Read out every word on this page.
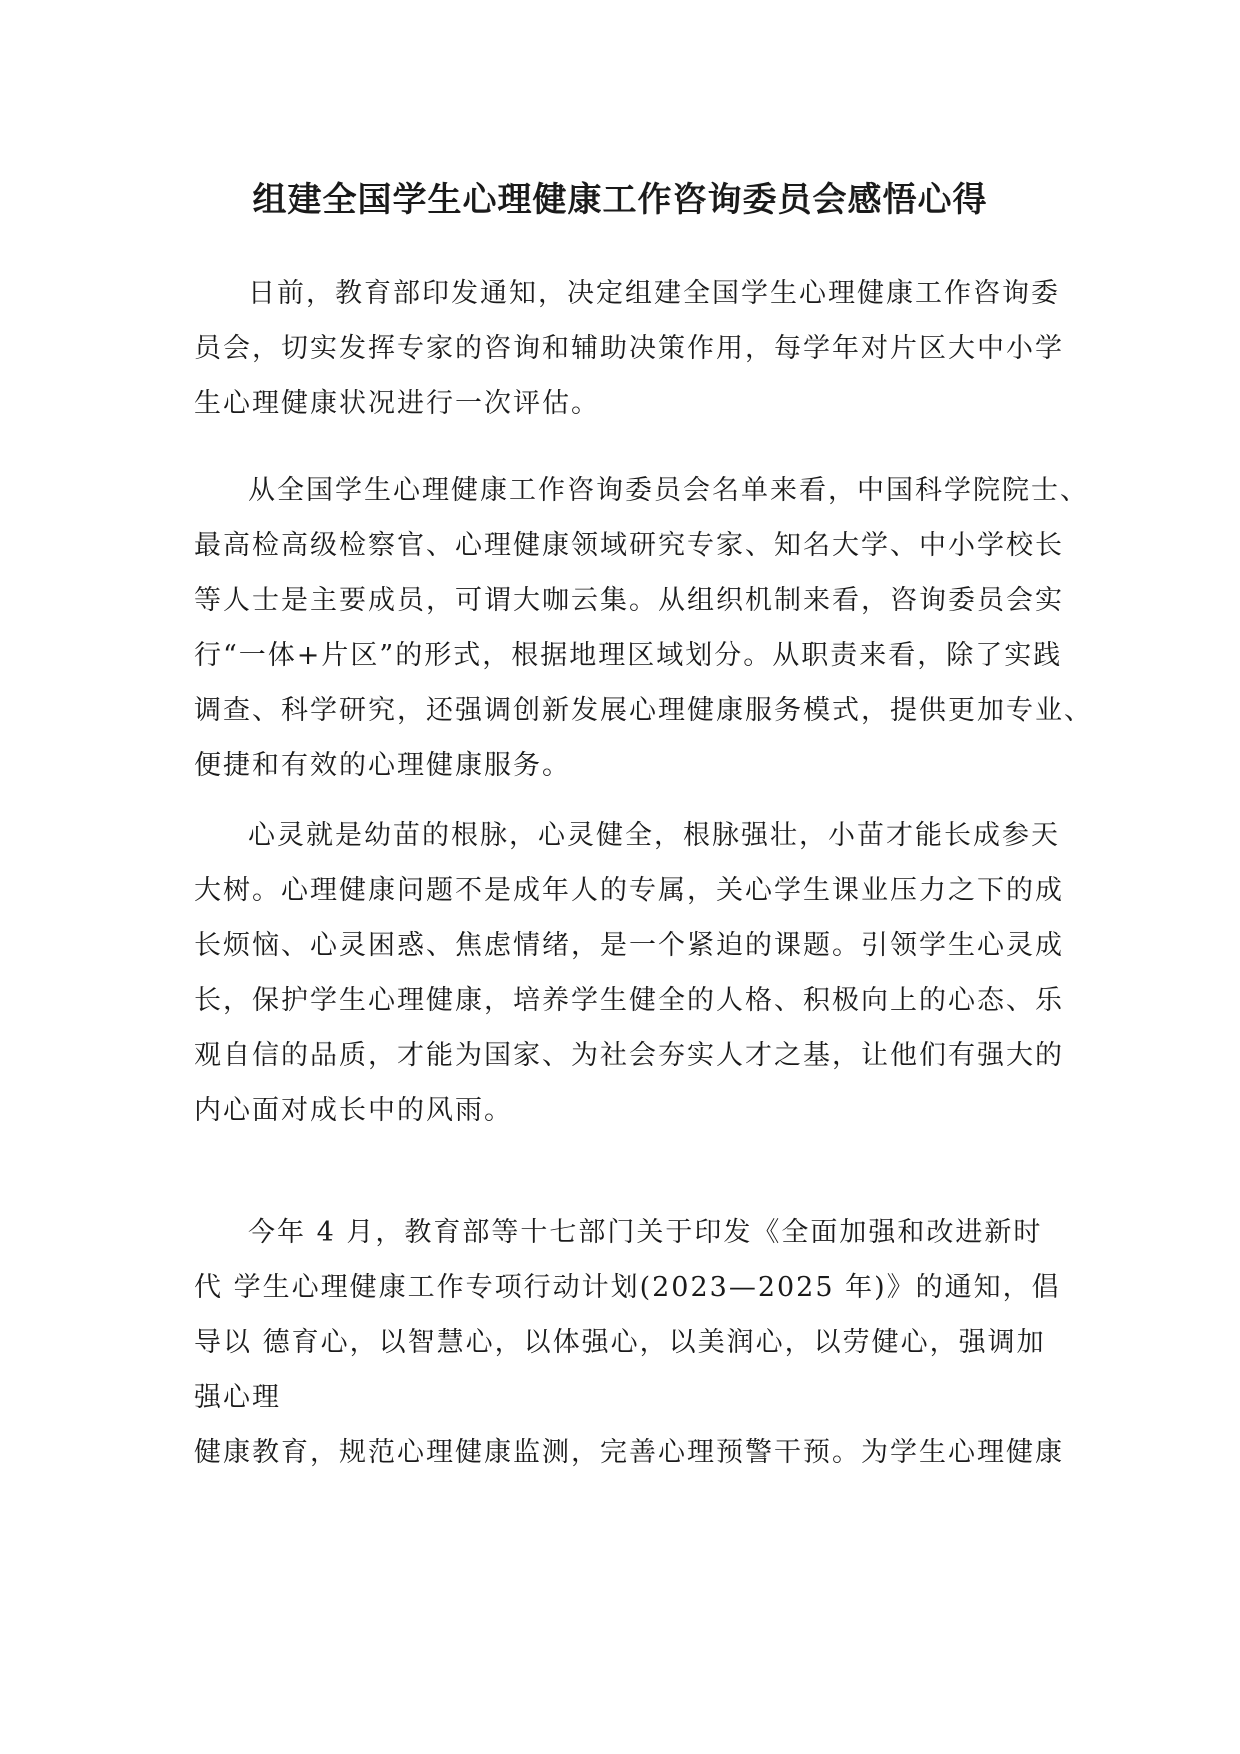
组建全国学生心理健康工作咨询委员会感悟心得
日前，教育部印发通知，决定组建全国学生心理健康工作咨询委
员会，切实发挥专家的咨询和辅助决策作用，每学年对片区大中小学
生心理健康状况进行一次评估。
从全国学生心理健康工作咨询委员会名单来看，中国科学院院士、
最高检高级检察官、心理健康领域研究专家、知名大学、中小学校长
等人士是主要成员，可谓大咖云集。从组织机制来看，咨询委员会实
行“一体+片区”的形式，根据地理区域划分。从职责来看，除了实践
调查、科学研究，还强调创新发展心理健康服务模式，提供更加专业、
便捷和有效的心理健康服务。
心灵就是幼苗的根脉，心灵健全，根脉强壮，小苗才能长成参天
大树。心理健康问题不是成年人的专属，关心学生课业压力之下的成
长烦恼、心灵困惑、焦虑情绪，是一个紧迫的课题。引领学生心灵成
长，保护学生心理健康，培养学生健全的人格、积极向上的心态、乐
观自信的品质，才能为国家、为社会夯实人才之基，让他们有强大的
内心面对成长中的风雨。
今年 4 月，教育部等十七部门关于印发《全面加强和改进新时
代 学生心理健康工作专项行动计划(2023—2025 年)》的通知，倡
导以 德育心，以智慧心，以体强心，以美润心，以劳健心，强调加
强心理
健康教育，规范心理健康监测，完善心理预警干预。为学生心理健康
